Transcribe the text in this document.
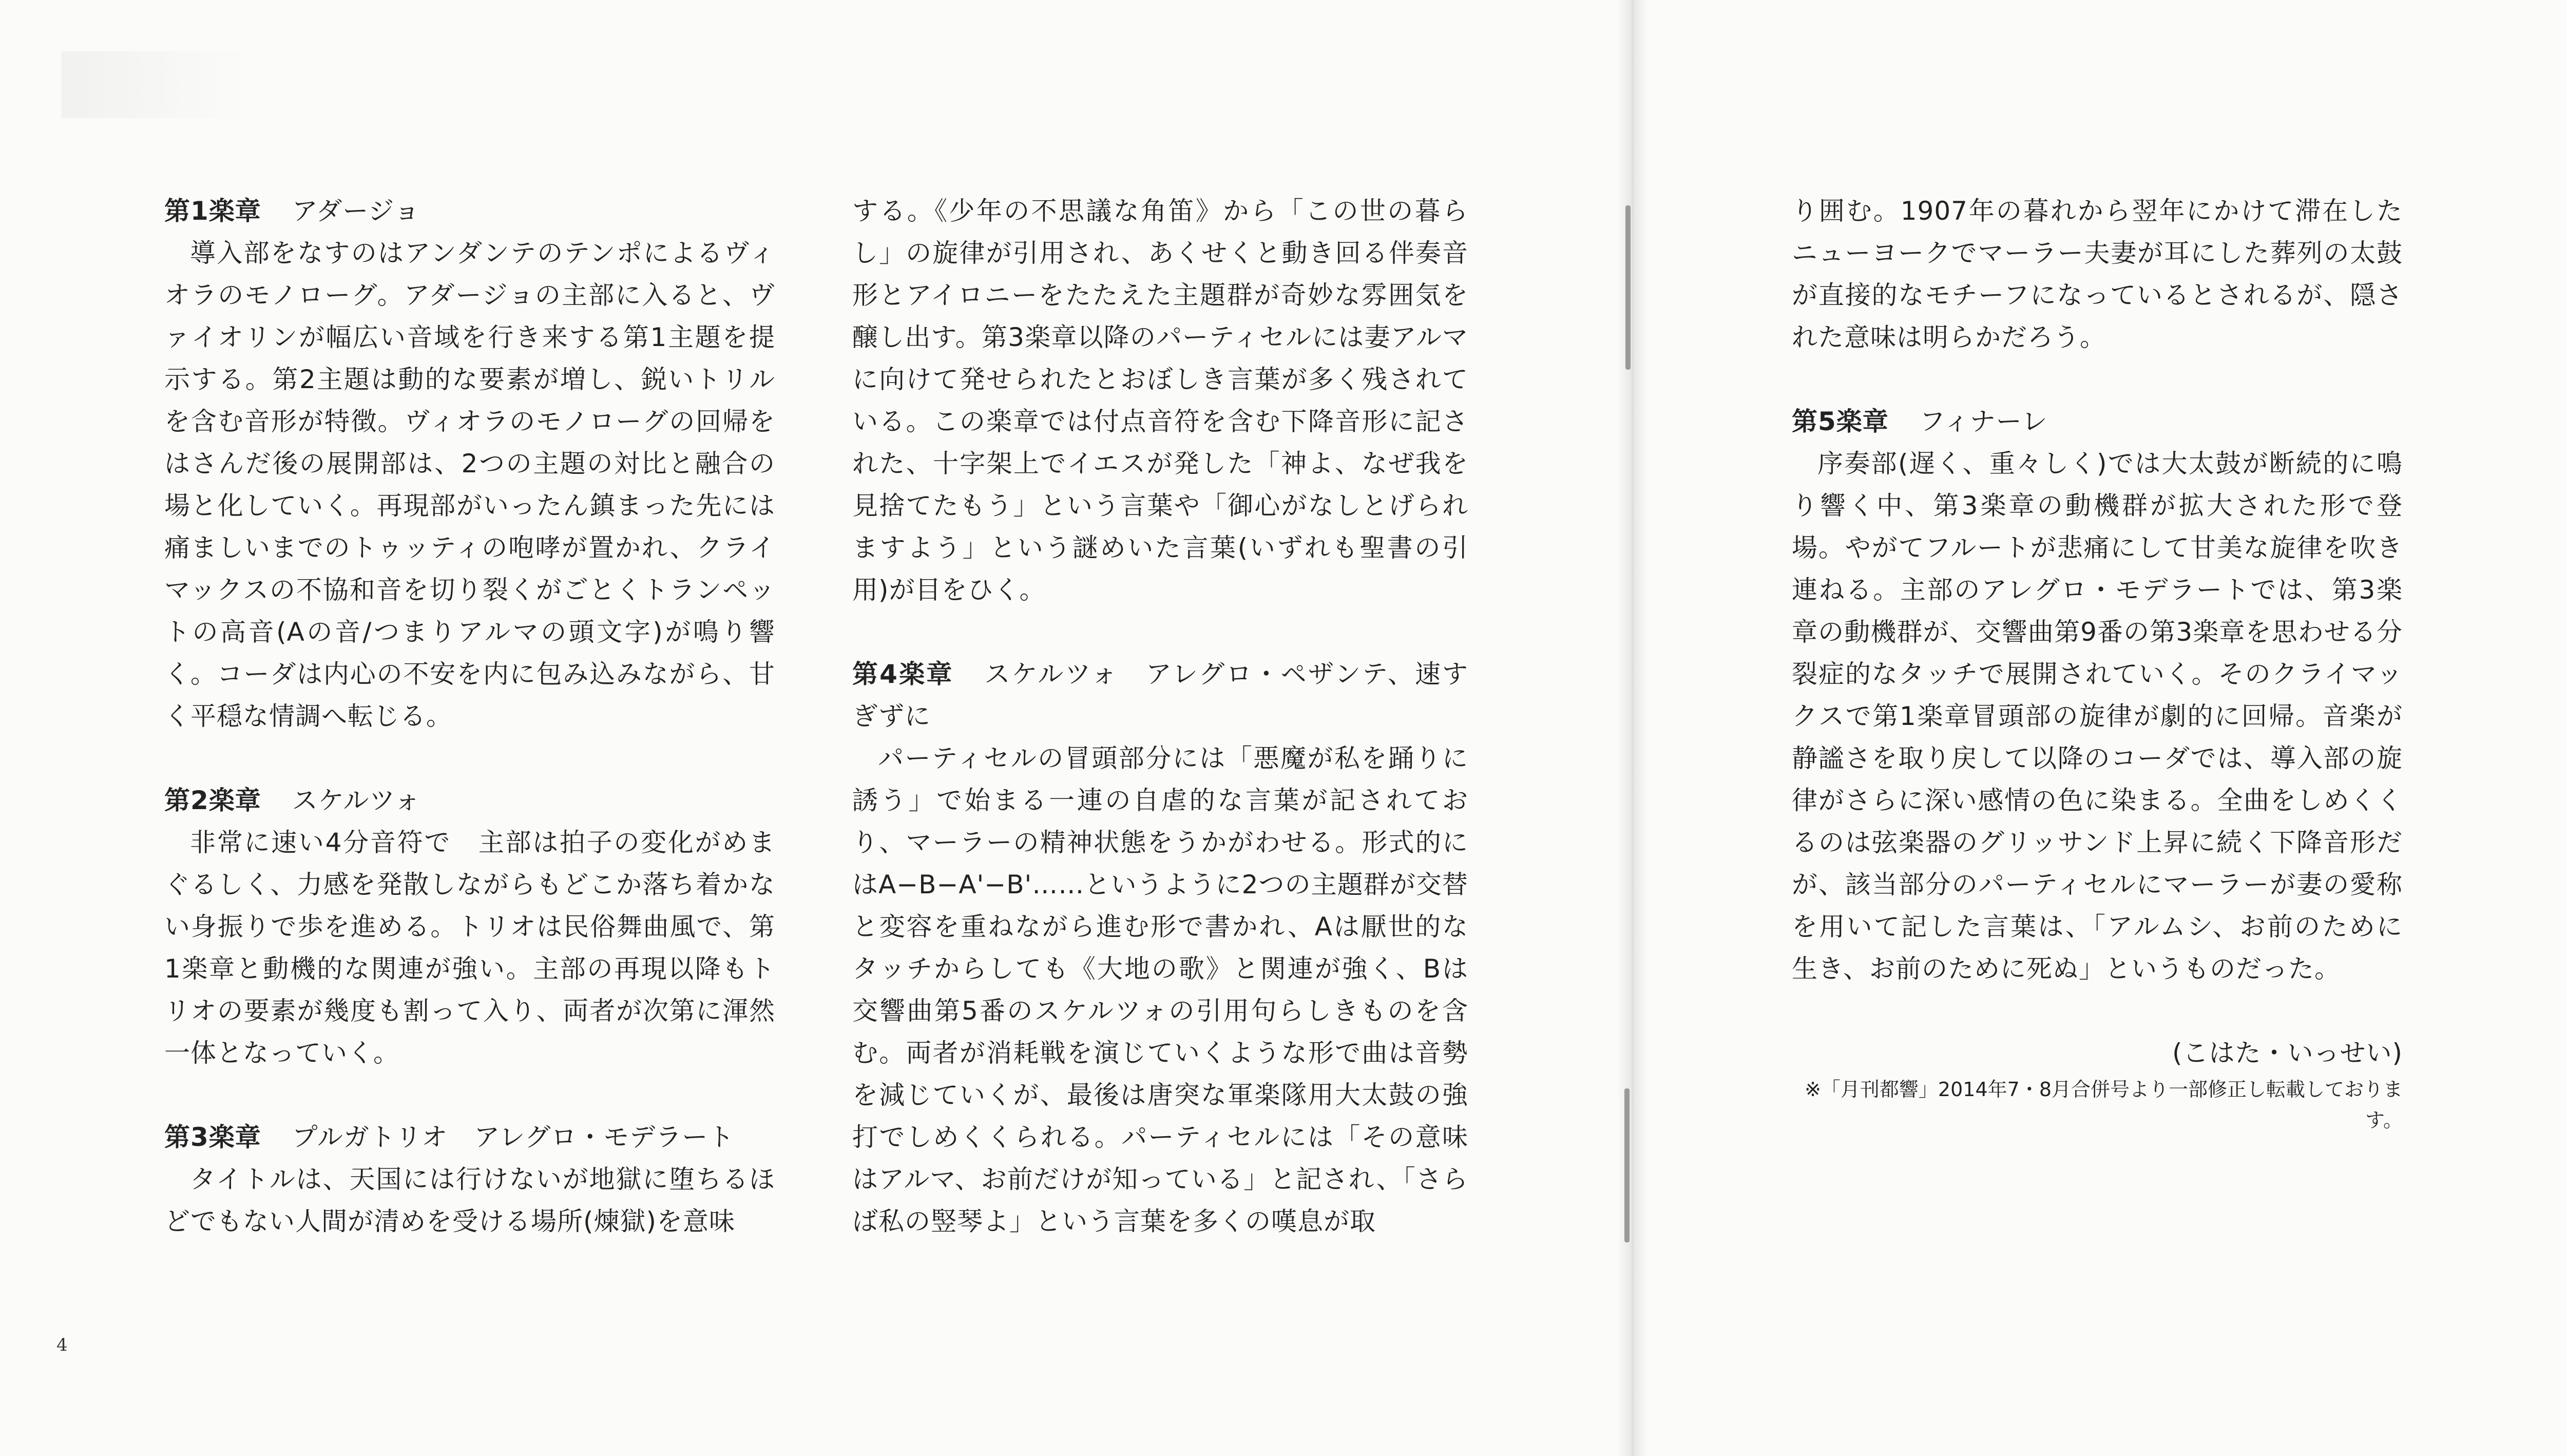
第1楽章 アダージョ

導入部をなすのはアンダンテのテンポによるヴィオラのモノローグ。アダージョの主部に入ると、ヴァイオリンが幅広い音域を行き来する第1主題を提示する。第2主題は動的な要素が増し、鋭いトリルを含む音形が特徴。ヴィオラのモノローグの回帰をはさんだ後の展開部は、2つの主題の対比と融合の場と化していく。再現部がいったん鎮まった先には痛ましいまでのトゥッティの咆哮が置かれ、クライマックスの不協和音を切り裂くがごとくトランペットの高音(Aの音/つまりアルマの頭文字)が鳴り響く。コーダは内心の不安を内に包み込みながら、甘く平穏な情調へ転じる。

第2楽章 スケルツォ

非常に速い4分音符で　主部は拍子の変化がめまぐるしく、力感を発散しながらもどこか落ち着かない身振りで歩を進める。トリオは民俗舞曲風で、第1楽章と動機的な関連が強い。主部の再現以降もトリオの要素が幾度も割って入り、両者が次第に渾然一体となっていく。

第3楽章 プルガトリオ　アレグロ・モデラート

タイトルは、天国には行けないが地獄に堕ちるほどでもない人間が清めを受ける場所(煉獄)を意味

する。《少年の不思議な角笛》から「この世の暮らし」の旋律が引用され、あくせくと動き回る伴奏音形とアイロニーをたたえた主題群が奇妙な雰囲気を醸し出す。第3楽章以降のパーティセルには妻アルマに向けて発せられたとおぼしき言葉が多く残されている。この楽章では付点音符を含む下降音形に記された、十字架上でイエスが発した「神よ、なぜ我を見捨てたもう」という言葉や「御心がなしとげられますよう」という謎めいた言葉(いずれも聖書の引用)が目をひく。

第4楽章 スケルツォ　アレグロ・ペザンテ、速すぎずに

パーティセルの冒頭部分には「悪魔が私を踊りに誘う」で始まる一連の自虐的な言葉が記されており、マーラーの精神状態をうかがわせる。形式的にはA−B−A'−B'……というように2つの主題群が交替と変容を重ねながら進む形で書かれ、Aは厭世的なタッチからしても《大地の歌》と関連が強く、Bは交響曲第5番のスケルツォの引用句らしきものを含む。両者が消耗戦を演じていくような形で曲は音勢を減じていくが、最後は唐突な軍楽隊用大太鼓の強打でしめくくられる。パーティセルには「その意味はアルマ、お前だけが知っている」と記され、「さらば私の竪琴よ」という言葉を多くの嘆息が取

り囲む。1907年の暮れから翌年にかけて滞在したニューヨークでマーラー夫妻が耳にした葬列の太鼓が直接的なモチーフになっているとされるが、隠された意味は明らかだろう。

第5楽章 フィナーレ

序奏部(遅く、重々しく)では大太鼓が断続的に鳴り響く中、第3楽章の動機群が拡大された形で登場。やがてフルートが悲痛にして甘美な旋律を吹き連ねる。主部のアレグロ・モデラートでは、第3楽章の動機群が、交響曲第9番の第3楽章を思わせる分裂症的なタッチで展開されていく。そのクライマックスで第1楽章冒頭部の旋律が劇的に回帰。音楽が静謐さを取り戻して以降のコーダでは、導入部の旋律がさらに深い感情の色に染まる。全曲をしめくくるのは弦楽器のグリッサンド上昇に続く下降音形だが、該当部分のパーティセルにマーラーが妻の愛称を用いて記した言葉は、「アルムシ、お前のために生き、お前のために死ぬ」というものだった。

(こはた・いっせい)
※「月刊都響」2014年7・8月合併号より一部修正し転載しております。
4
